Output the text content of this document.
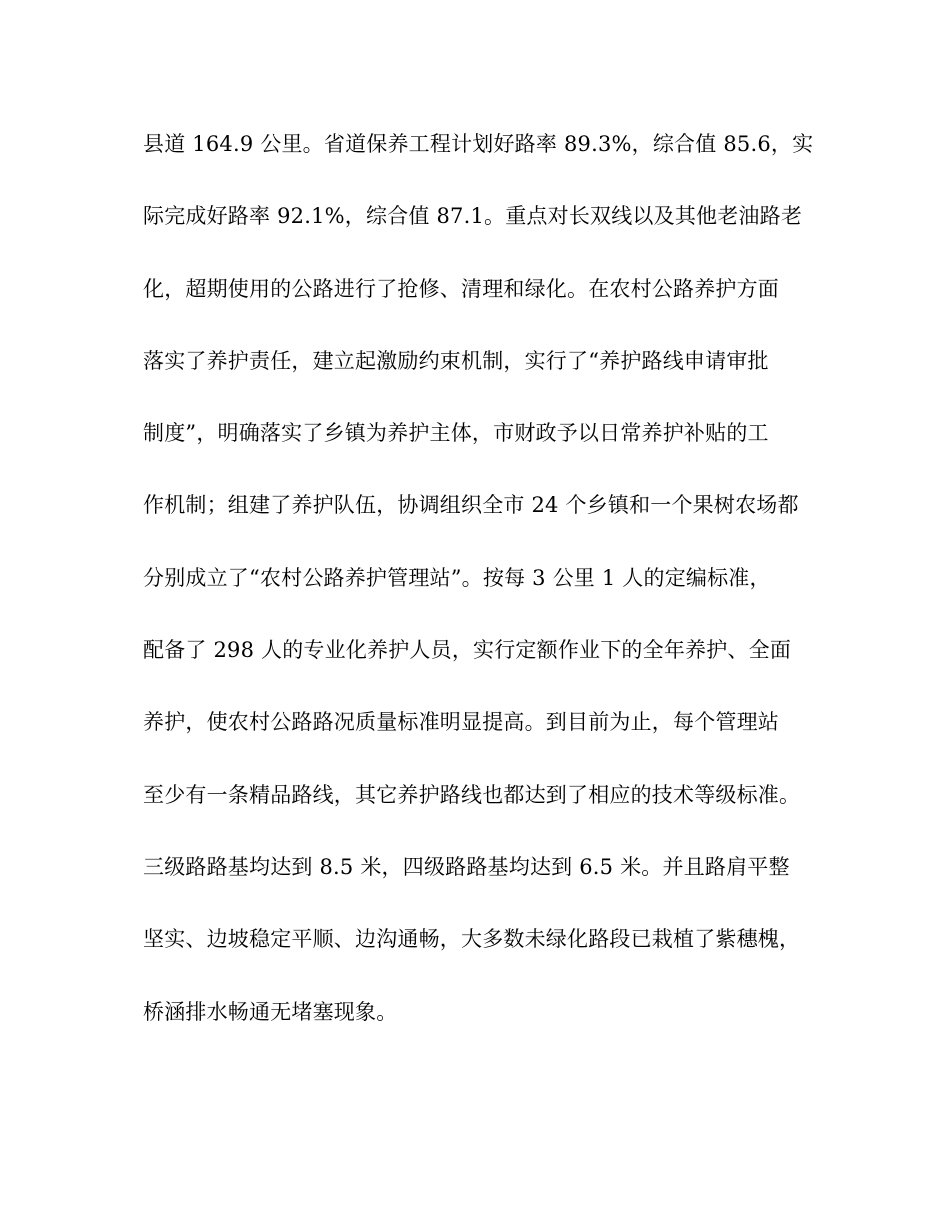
县道 164.9 公里。省道保养工程计划好路率 89.3%，综合值 85.6，实
际完成好路率 92.1%，综合值 87.1。重点对长双线以及其他老油路老
化，超期使用的公路进行了抢修、清理和绿化。在农村公路养护方面
落实了养护责任，建立起激励约束机制，实行了“养护路线申请审批
制度”，明确落实了乡镇为养护主体，市财政予以日常养护补贴的工
作机制；组建了养护队伍，协调组织全市 24 个乡镇和一个果树农场都
分别成立了“农村公路养护管理站”。按每 3 公里 1 人的定编标准，
配备了 298 人的专业化养护人员，实行定额作业下的全年养护、全面
养护，使农村公路路况质量标准明显提高。到目前为止，每个管理站
至少有一条精品路线，其它养护路线也都达到了相应的技术等级标准。
三级路路基均达到 8.5 米，四级路路基均达到 6.5 米。并且路肩平整
坚实、边坡稳定平顺、边沟通畅，大多数未绿化路段已栽植了紫穗槐，
桥涵排水畅通无堵塞现象。
